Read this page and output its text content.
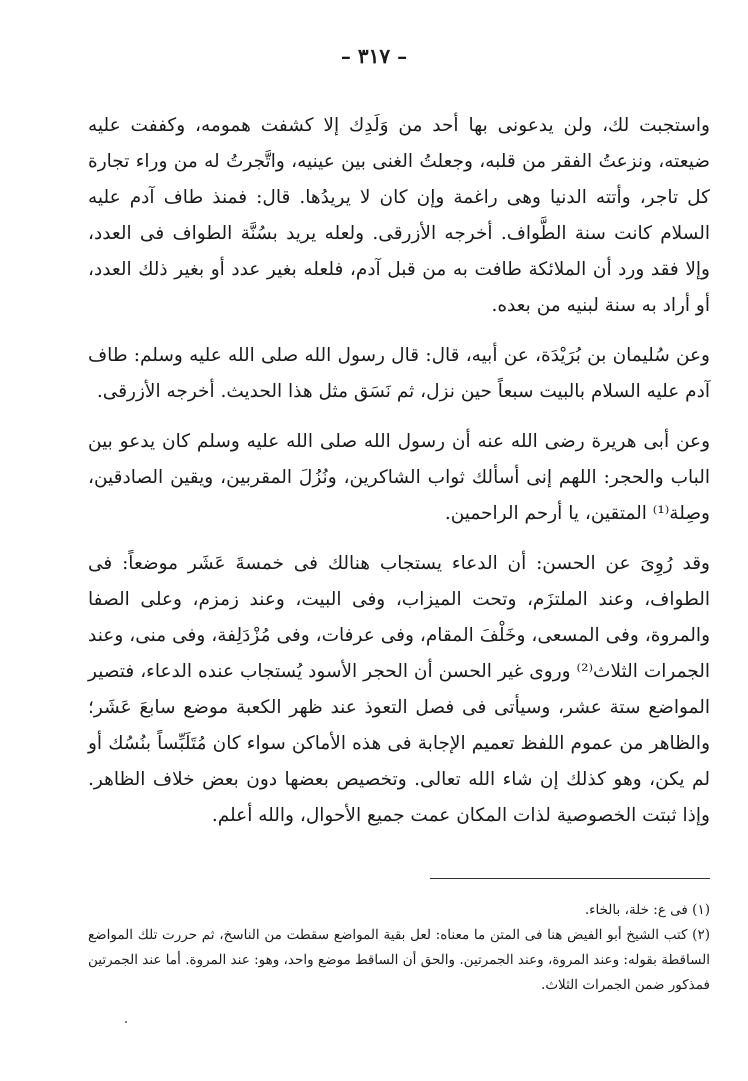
– ٣١٧ –

واستجبت لك، ولن يدعونى بها أحد من وَلَدِك إلا كشفت همومه، وكففت عليه ضيعته، ونزعتُ الفقر من قلبه، وجعلتُ الغنى بين عينيه، واتَّجرتُ له من وراء تجارة كل تاجر، وأتته الدنيا وهى راغمة وإن كان لا يريدُها. قال: فمنذ طاف آدم عليه السلام كانت سنة الطَّواف. أخرجه الأزرقى. ولعله يريد بسُنَّة الطواف فى العدد، وإلا فقد ورد أن الملائكة طافت به من قبل آدم، فلعله بغير عدد أو بغير ذلك العدد، أو أراد به سنة لبنيه من بعده.

وعن سُليمان بن بُرَيْدَة، عن أبيه، قال: قال رسول الله صلى الله عليه وسلم: طاف آدم عليه السلام بالبيت سبعاً حين نزل، ثم نَسَق مثل هذا الحديث. أخرجه الأزرقى.

وعن أبى هريرة رضى الله عنه أن رسول الله صلى الله عليه وسلم كان يدعو بين الباب والحجر: اللهم إنى أسألك ثواب الشاكرين، ونُزُلَ المقربين، ويقين الصادقين، وصِلة⁽¹⁾ المتقين، يا أرحم الراحمين.

وقد رُوِىَ عن الحسن: أن الدعاء يستجاب هنالك فى خمسةَ عَشَر موضعاً: فى الطواف، وعند الملتزَم، وتحت الميزاب، وفى البيت، وعند زمزم، وعلى الصفا والمروة، وفى المسعى، وخَلْفَ المقام، وفى عرفات، وفى مُزْدَلِفة، وفى منى، وعند الجمرات الثلاث⁽²⁾ وروى غير الحسن أن الحجر الأسود يُستجاب عنده الدعاء، فتصير المواضع ستة عشر، وسيأتى فى فصل التعوذ عند ظهر الكعبة موضع سابعَ عَشَر؛ والظاهر من عموم اللفظ تعميم الإجابة فى هذه الأماكن سواء كان مُتَلَبِّساً بنُسُك أو لم يكن، وهو كذلك إن شاء الله تعالى. وتخصيص بعضها دون بعض خلاف الظاهر. وإذا ثبتت الخصوصية لذات المكان عمت جميع الأحوال، والله أعلم.

(١) فى ع: خلة، بالخاء.

(٢) كتب الشيخ أبو الفيض هنا فى المتن ما معناه: لعل بقية المواضع سقطت من الناسخ، ثم حررت تلك المواضع الساقطة بقوله: وعند المروة، وعند الجمرتين. والحق أن الساقط موضع واحد، وهو: عند المروة. أما عند الجمرتين فمذكور ضمن الجمرات الثلاث.
